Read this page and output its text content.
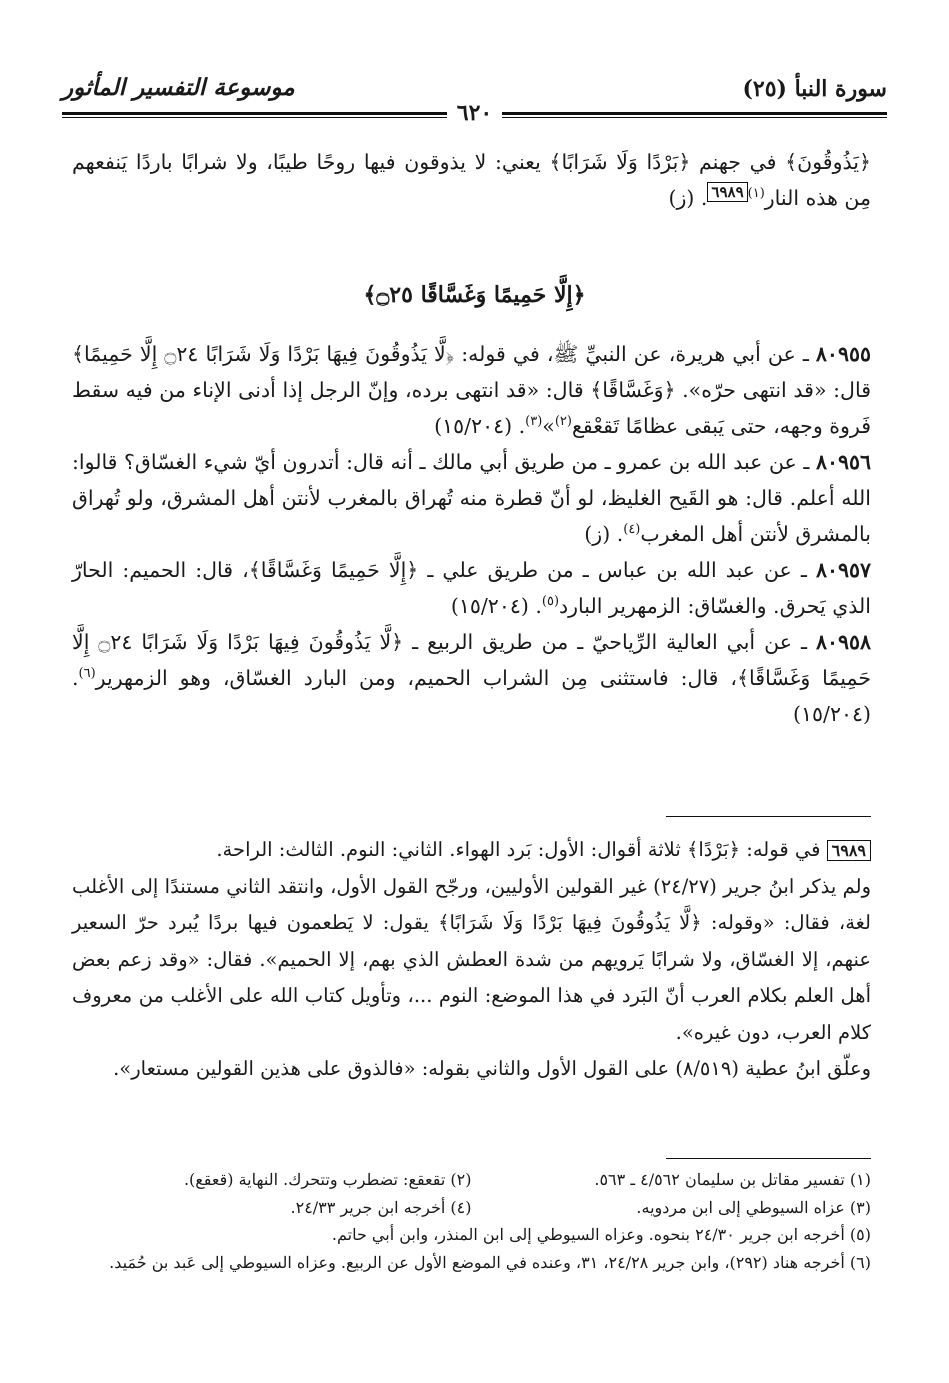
سورة النبأ (٢٥)
موسوعة التفسير المأثور
٦٢٠
﴿يَذُوقُونَ﴾ في جهنم ﴿بَرْدًا وَلَا شَرَابًا﴾ يعني: لا يذوقون فيها روحًا طيبًا، ولا شرابًا باردًا يَنفعهم مِن هذه النار$^{(١)٦٩٨٩}$. (ز)
﴿إِلَّا حَمِيمًا وَغَسَّاقًا ۝٢٥﴾

٨٠٩٥٥ ـ عن أبي هريرة، عن النبيِّ ﷺ، في قوله: ﴿لَّا يَذُوقُونَ فِيهَا بَرْدًا وَلَا شَرَابًا ۝٢٤ إِلَّا حَمِيمًا﴾ قال: «قد انتهى حرّه». ﴿وَغَسَّاقًا﴾ قال: «قد انتهى برده، وإنّ الرجل إذا أدنى الإناء من فيه سقط فَروة وجهه، حتى يَبقى عظامًا تَقعْقع$^{(٢)}$»$^{(٣)}$. (١٥/٢٠٤)

٨٠٩٥٦ ـ عن عبد الله بن عمرو ـ من طريق أبي مالك ـ أنه قال: أتدرون أيّ شيء الغسّاق؟ قالوا: الله أعلم. قال: هو القَيح الغليظ، لو أنّ قطرة منه تُهراق بالمغرب لأنتن أهل المشرق، ولو تُهراق بالمشرق لأنتن أهل المغرب$^{(٤)}$. (ز)

٨٠٩٥٧ ـ عن عبد الله بن عباس ـ من طريق علي ـ ﴿إِلَّا حَمِيمًا وَغَسَّاقًا﴾، قال: الحميم: الحارّ الذي يَحرق. والغسّاق: الزمهرير البارد$^{(٥)}$. (١٥/٢٠٤)

٨٠٩٥٨ ـ عن أبي العالية الرِّياحيّ ـ من طريق الربيع ـ ﴿لَّا يَذُوقُونَ فِيهَا بَرْدًا وَلَا شَرَابًا ۝٢٤ إِلَّا حَمِيمًا وَغَسَّاقًا﴾، قال: فاستثنى مِن الشراب الحميم، ومن البارد الغسّاق، وهو الزمهرير$^{(٦)}$. (١٥/٢٠٤)

٦٩٨٩ في قوله: ﴿بَرْدًا﴾ ثلاثة أقوال: الأول: بَرد الهواء. الثاني: النوم. الثالث: الراحة.
ولم يذكر ابنُ جرير (٢٤/٢٧) غير القولين الأوليين، ورجّح القول الأول، وانتقد الثاني مستندًا إلى الأغلب لغة، فقال: «وقوله: ﴿لَّا يَذُوقُونَ فِيهَا بَرْدًا وَلَا شَرَابًا﴾ يقول: لا يَطعمون فيها بردًا يُبرد حرّ السعير عنهم، إلا الغسّاق، ولا شرابًا يَرويهم من شدة العطش الذي بهم، إلا الحميم». فقال: «وقد زعم بعض أهل العلم بكلام العرب أنّ البَرد في هذا الموضع: النوم ...، وتأويل كتاب الله على الأغلب من معروف كلام العرب، دون غيره».
وعلّق ابنُ عطية (٨/٥١٩) على القول الأول والثاني بقوله: «فالذوق على هذين القولين مستعار».
(١) تفسير مقاتل بن سليمان ٤/٥٦٢ ـ ٥٦٣.
(٢) تقعقع: تضطرب وتتحرك. النهاية (قعقع).
(٣) عزاه السيوطي إلى ابن مردويه.
(٤) أخرجه ابن جرير ٢٤/٣٣.
(٥) أخرجه ابن جرير ٢٤/٣٠ بنحوه. وعزاه السيوطي إلى ابن المنذر، وابن أبي حاتم.
(٦) أخرجه هناد (٢٩٢)، وابن جرير ٢٤/٢٨، ٣١، وعنده في الموضع الأول عن الربيع. وعزاه السيوطي إلى عَبد بن حُمَيد.
